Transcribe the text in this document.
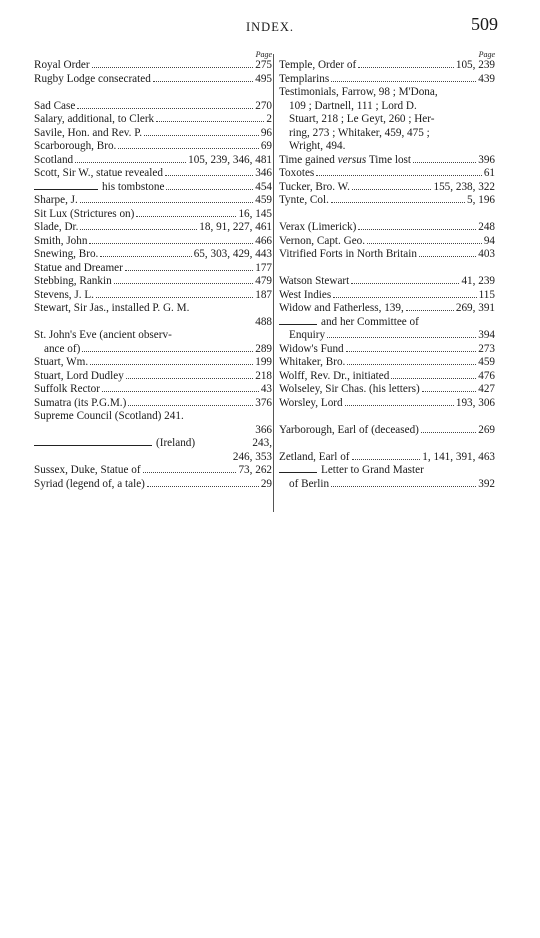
INDEX.	509
Page
Royal Order	275
Rugby Lodge consecrated	495
Sad Case	270
Salary, additional, to Clerk	2
Savile, Hon. and Rev. P.	96
Scarborough, Bro.	69
Scotland	105, 239, 346, 481
Scott, Sir W., statue revealed	346
his tombstone	454
Sharpe, J.	459
Sit Lux (Strictures on)	16, 145
Slade, Dr.	18, 91, 227, 461
Smith, John	466
Snewing, Bro.	65, 303, 429, 443
Statue and Dreamer	177
Stebbing, Rankin	479
Stevens, J. L.	187
Stewart, Sir Jas., installed P. G. M.
488
St. John's Eve (ancient observ-
ance of)	289
Stuart, Wm.	199
Stuart, Lord Dudley	218
Suffolk Rector	43
Sumatra (its P.G.M.)	376
Supreme Council (Scotland) 241.
366
(Ireland)	243,
246, 353
Sussex, Duke, Statue of	73, 262
Syriad (legend of, a tale)	29
Page
Temple, Order of	105, 239
Templarins	439
Testimonials, Farrow, 98 ; M'Dona,
109 ; Dartnell, 111 ; Lord D.
Stuart, 218 ; Le Geyt, 260 ; Her-
ring, 273 ; Whitaker, 459, 475 ;
Wright, 494.
Time gained versus Time lost	396
Toxotes	61
Tucker, Bro. W.	155, 238, 322
Tynte, Col.	5, 196
Verax (Limerick)	248
Vernon, Capt. Geo.	94
Vitrified Forts in North Britain	403
Watson Stewart	41, 239
West Indies	115
Widow and Fatherless, 139,	269, 391
and her Committee of
Enquiry	394
Widow's Fund	273
Whitaker, Bro.	459
Wolff, Rev. Dr., initiated	476
Wolseley, Sir Chas. (his letters)	427
Worsley, Lord	193, 306
Yarborough, Earl of (deceased)	269
Zetland, Earl of	1, 141, 391, 463
Letter to Grand Master
of Berlin	392
